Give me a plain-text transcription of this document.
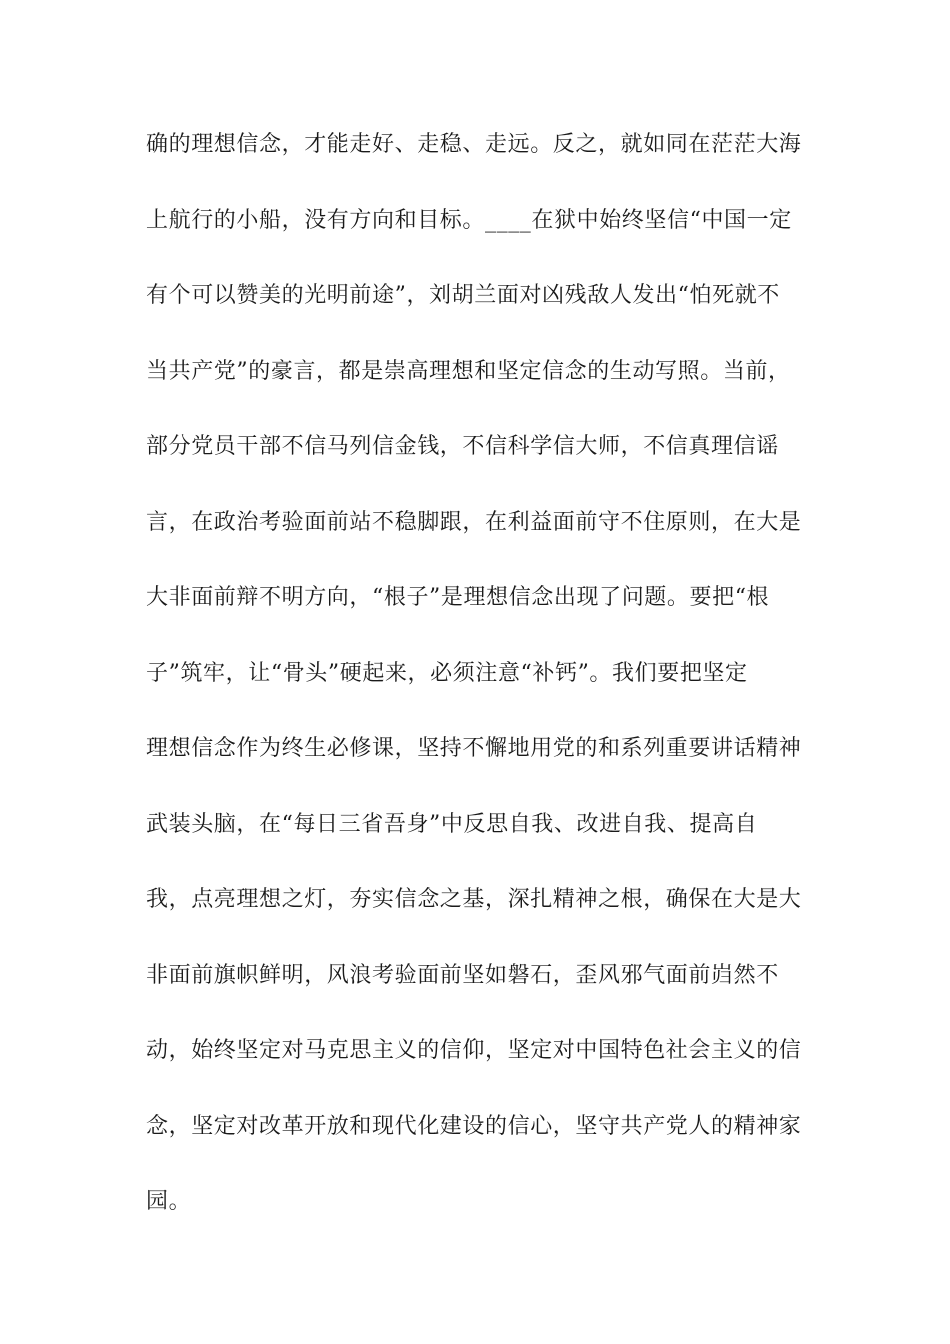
确的理想信念，才能走好、走稳、走远。反之，就如同在茫茫大海
上航行的小船，没有方向和目标。____在狱中始终坚信“中国一定
有个可以赞美的光明前途”，刘胡兰面对凶残敌人发出“怕死就不
当共产党”的豪言，都是崇高理想和坚定信念的生动写照。当前，
部分党员干部不信马列信金钱，不信科学信大师，不信真理信谣
言，在政治考验面前站不稳脚跟，在利益面前守不住原则，在大是
大非面前辩不明方向，“根子”是理想信念出现了问题。要把“根
子”筑牢，让“骨头”硬起来，必须注意“补钙”。我们要把坚定
理想信念作为终生必修课，坚持不懈地用党的和系列重要讲话精神
武装头脑，在“每日三省吾身”中反思自我、改进自我、提高自
我，点亮理想之灯，夯实信念之基，深扎精神之根，确保在大是大
非面前旗帜鲜明，风浪考验面前坚如磐石，歪风邪气面前岿然不
动，始终坚定对马克思主义的信仰，坚定对中国特色社会主义的信
念，坚定对改革开放和现代化建设的信心，坚守共产党人的精神家
园。
